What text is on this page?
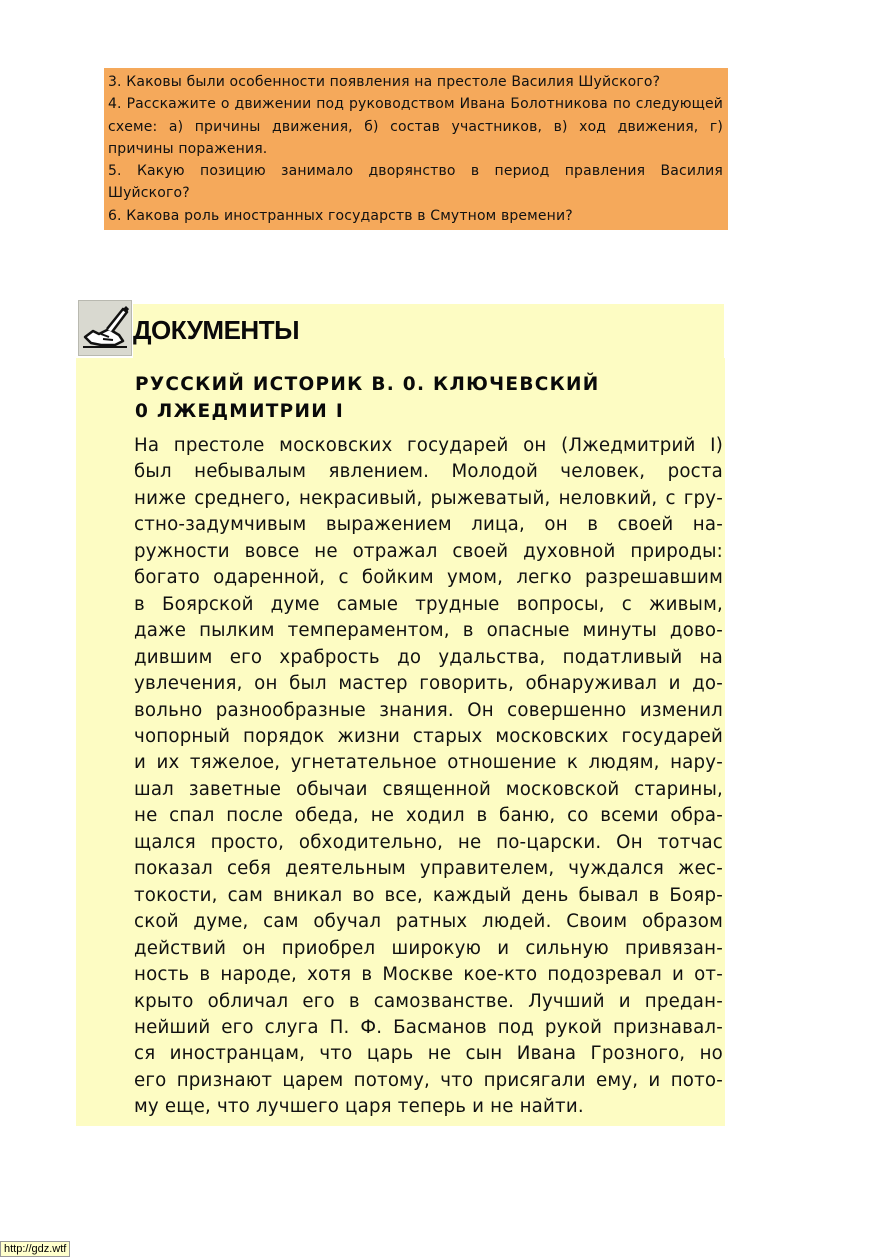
3. Каковы были особенности появления на престоле Василия Шуйского?

4. Расскажите о движении под руководством Ивана Болотникова по следующей схеме: а) причины движения, б) состав участников, в) ход движения, г) причины поражения.

5. Какую позицию занимало дворянство в период правления Василия Шуйского?

6. Какова роль иностранных государств в Смутном времени?

ДОКУМЕНТЫ
РУССКИЙ ИСТОРИК В. 0. КЛЮЧЕВСКИЙ
0 ЛЖЕДМИТРИИ I

На престоле московских государей он (Лжедмитрий I)
был небывалым явлением. Молодой человек, роста
ниже среднего, некрасивый, рыжеватый, неловкий, с гру-
стно-задумчивым выражением лица, он в своей на-
ружности вовсе не отражал своей духовной природы:
богато одаренной, с бойким умом, легко разрешавшим
в Боярской думе самые трудные вопросы, с живым,
даже пылким темпераментом, в опасные минуты дово-
дившим его храбрость до удальства, податливый на
увлечения, он был мастер говорить, обнаруживал и до-
вольно разнообразные знания. Он совершенно изменил
чопорный порядок жизни старых московских государей
и их тяжелое, угнетательное отношение к людям, нару-
шал заветные обычаи священной московской старины,
не спал после обеда, не ходил в баню, со всеми обра-
щался просто, обходительно, не по-царски. Он тотчас
показал себя деятельным управителем, чуждался жес-
токости, сам вникал во все, каждый день бывал в Бояр-
ской думе, сам обучал ратных людей. Своим образом
действий он приобрел широкую и сильную привязан-
ность в народе, хотя в Москве кое-кто подозревал и от-
крыто обличал его в самозванстве. Лучший и предан-
нейший его слуга П. Ф. Басманов под рукой признавал-
ся иностранцам, что царь не сын Ивана Грозного, но
его признают царем потому, что присягали ему, и пото-
му еще, что лучшего царя теперь и не найти.

http://gdz.wtf
